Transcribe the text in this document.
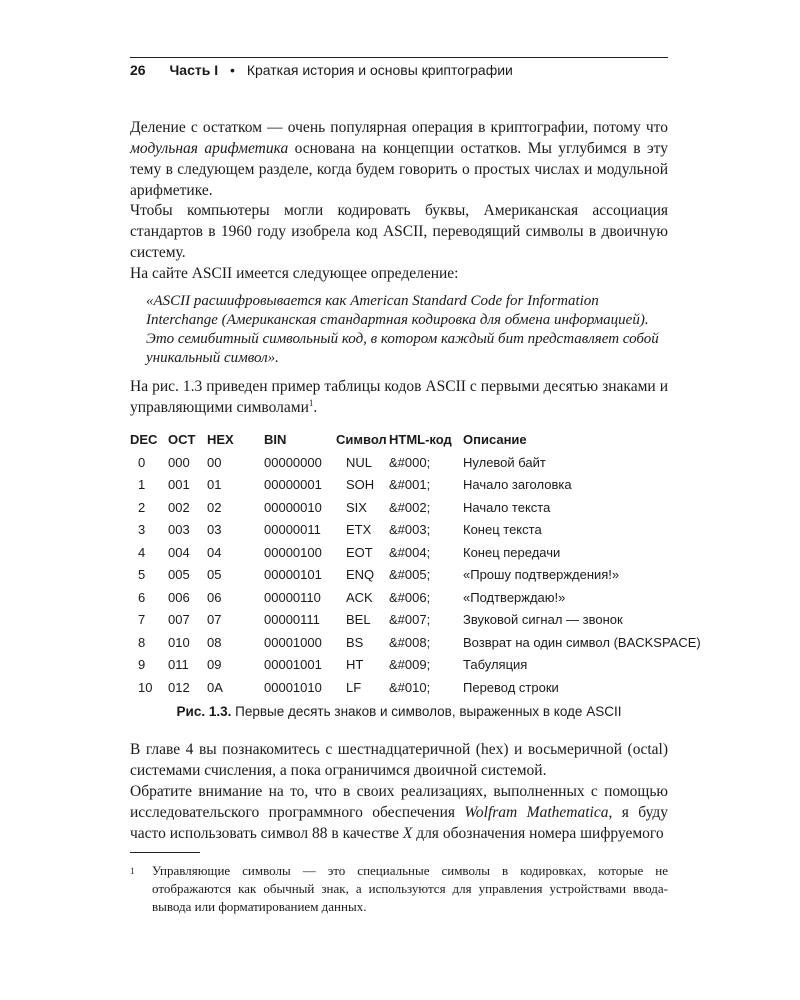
26 Часть I • Краткая история и основы криптографии

Деление с остатком — очень популярная операция в криптографии, потому что модульная арифметика основана на концепции остатков. Мы углубимся в эту тему в следующем разделе, когда будем говорить о простых числах и модульной арифметике.

Чтобы компьютеры могли кодировать буквы, Американская ассоциация стандартов в 1960 году изобрела код ASCII, переводящий символы в двоичную систему.

На сайте ASCII имеется следующее определение:

«ASCII расшифровывается как American Standard Code for Information Interchange (Американская стандартная кодировка для обмена информацией). Это семибитный символьный код, в котором каждый бит представляет собой уникальный символ».

На рис. 1.3 приведен пример таблицы кодов ASCII с первыми десятью знаками и управляющими символами$^1$.

DEC	OCT	HEX	BIN	Символ	HTML-код	Описание
0	000	00	00000000	NUL	&#000;	Нулевой байт
1	001	01	00000001	SOH	&#001;	Начало заголовка
2	002	02	00000010	SIX	&#002;	Начало текста
3	003	03	00000011	ETX	&#003;	Конец текста
4	004	04	00000100	EOT	&#004;	Конец передачи
5	005	05	00000101	ENQ	&#005;	«Прошу подтверждения!»
6	006	06	00000110	ACK	&#006;	«Подтверждаю!»
7	007	07	00000111	BEL	&#007;	Звуковой сигнал — звонок
8	010	08	00001000	BS	&#008;	Возврат на один символ (BACKSPACE)
9	011	09	00001001	HT	&#009;	Табуляция
10	012	0A	00001010	LF	&#010;	Перевод строки
Рис. 1.3. Первые десять знаков и символов, выраженных в коде ASCII

В главе 4 вы познакомитесь с шестнадцатеричной (hex) и восьмеричной (octal) системами счисления, а пока ограничимся двоичной системой.

Обратите внимание на то, что в своих реализациях, выполненных с помощью исследовательского программного обеспечения Wolfram Mathematica, я буду часто использовать символ 88 в качестве X для обозначения номера шифруемого

1 Управляющие символы — это специальные символы в кодировках, которые не отображаются как обычный знак, а используются для управления устройствами ввода-вывода или форматированием данных.
